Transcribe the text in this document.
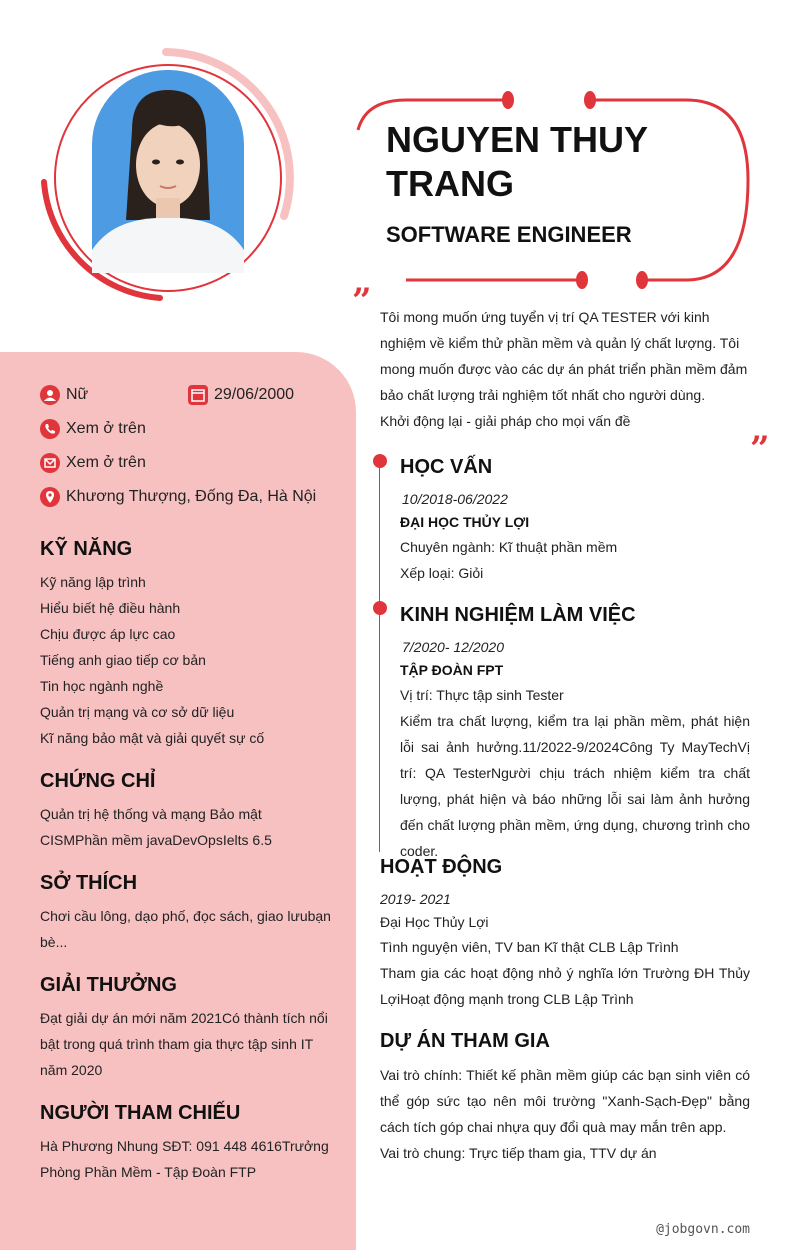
NGUYEN THUY TRANG
SOFTWARE ENGINEER
” Tôi mong muốn ứng tuyển vị trí QA TESTER với kinh nghiệm về kiểm thử phần mềm và quản lý chất lượng. Tôi mong muốn được vào các dự án phát triển phần mềm đảm bảo chất lượng trải nghiệm tốt nhất cho người dùng.
Khởi động lại - giải pháp cho mọi vấn đề
”
Nữ	29/06/2000
Xem ở trên
Xem ở trên
Khương Thượng, Đống Đa, Hà Nội
KỸ NĂNG
Kỹ năng lập trình
Hiểu biết hệ điều hành
Chịu được áp lực cao
Tiếng anh giao tiếp cơ bản
Tin học ngành nghề
Quản trị mạng và cơ sở dữ liệu
Kĩ năng bảo mật và giải quyết sự cố
CHỨNG CHỈ
Quản trị hệ thống và mạng Bảo mật CISMPhần mềm javaDevOpsIelts 6.5
SỞ THÍCH
Chơi cầu lông, dạo phố, đọc sách, giao lưubạn bè...
GIẢI THƯỞNG
Đạt giải dự án mới năm 2021Có thành tích nổi bật trong quá trình tham gia thực tập sinh IT năm 2020
NGƯỜI THAM CHIẾU
Hà Phương Nhung SĐT: 091 448 4616Trưởng Phòng Phần Mềm - Tập Đoàn FTP
HỌC VẤN
10/2018-06/2022
ĐẠI HỌC THỦY LỢI
Chuyên ngành: Kĩ thuật phần mềm
Xếp loại: Giỏi
KINH NGHIỆM LÀM VIỆC
7/2020- 12/2020
TẬP ĐOÀN FPT
Vị trí: Thực tập sinh Tester
Kiểm tra chất lượng, kiểm tra lại phần mềm, phát hiện lỗi sai ảnh hưởng.11/2022-9/2024Công Ty MayTechVị trí: QA TesterNgười chịu trách nhiệm kiểm tra chất lượng, phát hiện và báo những lỗi sai làm ảnh hưởng đến chất lượng phần mềm, ứng dụng, chương trình cho coder.
HOẠT ĐỘNG
2019- 2021
Đại Học Thủy Lợi
Tình nguyện viên, TV ban Kĩ thật CLB Lập Trình
Tham gia các hoạt động nhỏ ý nghĩa lớn Trường ĐH Thủy LợiHoạt động mạnh trong CLB Lập Trình
DỰ ÁN THAM GIA
Vai trò chính: Thiết kế phần mềm giúp các bạn sinh viên có thể góp sức tạo nên môi trường "Xanh-Sạch-Đẹp" bằng cách tích góp chai nhựa quy đổi quà may mắn trên app.
Vai trò chung: Trực tiếp tham gia, TTV dự án
@jobgovn.com
